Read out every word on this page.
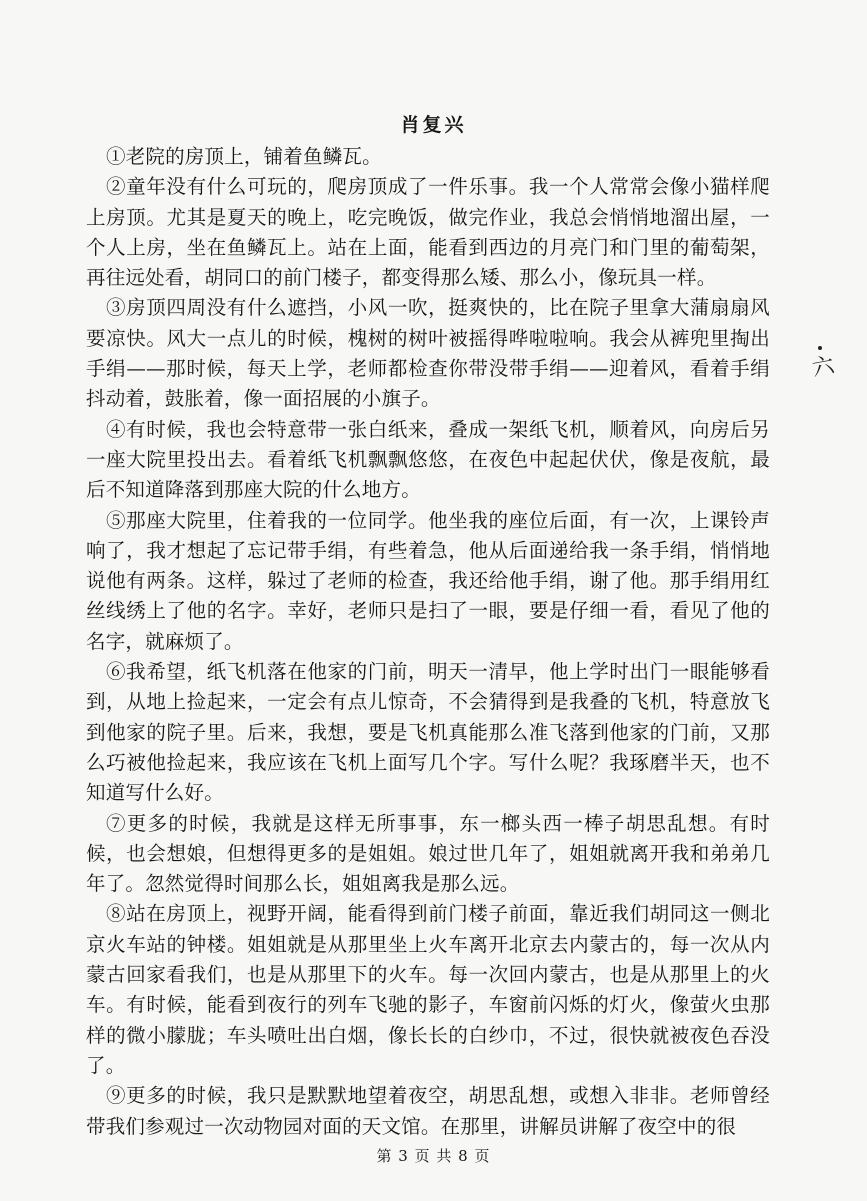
肖复兴

①老院的房顶上，铺着鱼鳞瓦。

②童年没有什么可玩的，爬房顶成了一件乐事。我一个人常常会像小猫样爬上房顶。尤其是夏天的晚上，吃完晚饭，做完作业，我总会悄悄地溜出屋，一个人上房，坐在鱼鳞瓦上。站在上面，能看到西边的月亮门和门里的葡萄架，再往远处看，胡同口的前门楼子，都变得那么矮、那么小，像玩具一样。

③房顶四周没有什么遮挡，小风一吹，挺爽快的，比在院子里拿大蒲扇扇风要凉快。风大一点儿的时候，槐树的树叶被摇得哗啦啦响。我会从裤兜里掏出手绢——那时候，每天上学，老师都检查你带没带手绢——迎着风，看着手绢抖动着，鼓胀着，像一面招展的小旗子。

④有时候，我也会特意带一张白纸来，叠成一架纸飞机，顺着风，向房后另一座大院里投出去。看着纸飞机飘飘悠悠，在夜色中起起伏伏，像是夜航，最后不知道降落到那座大院的什么地方。

⑤那座大院里，住着我的一位同学。他坐我的座位后面，有一次，上课铃声响了，我才想起了忘记带手绢，有些着急，他从后面递给我一条手绢，悄悄地说他有两条。这样，躲过了老师的检查，我还给他手绢，谢了他。那手绢用红丝线绣上了他的名字。幸好，老师只是扫了一眼，要是仔细一看，看见了他的名字，就麻烦了。

⑥我希望，纸飞机落在他家的门前，明天一清早，他上学时出门一眼能够看到，从地上捡起来，一定会有点儿惊奇，不会猜得到是我叠的飞机，特意放飞到他家的院子里。后来，我想，要是飞机真能那么准飞落到他家的门前，又那么巧被他捡起来，我应该在飞机上面写几个字。写什么呢？我琢磨半天，也不知道写什么好。

⑦更多的时候，我就是这样无所事事，东一榔头西一棒子胡思乱想。有时候，也会想娘，但想得更多的是姐姐。娘过世几年了，姐姐就离开我和弟弟几年了。忽然觉得时间那么长，姐姐离我是那么远。

⑧站在房顶上，视野开阔，能看得到前门楼子前面，靠近我们胡同这一侧北京火车站的钟楼。姐姐就是从那里坐上火车离开北京去内蒙古的，每一次从内蒙古回家看我们，也是从那里下的火车。每一次回内蒙古，也是从那里上的火车。有时候，能看到夜行的列车飞驰的影子，车窗前闪烁的灯火，像萤火虫那样的微小朦胧；车头喷吐出白烟，像长长的白纱巾，不过，很快就被夜色吞没了。

⑨更多的时候，我只是默默地望着夜空，胡思乱想，或想入非非。老师曾经带我们参观过一次动物园对面的天文馆。在那里，讲解员讲解了夜空中的很

六
第 3 页 共 8 页
